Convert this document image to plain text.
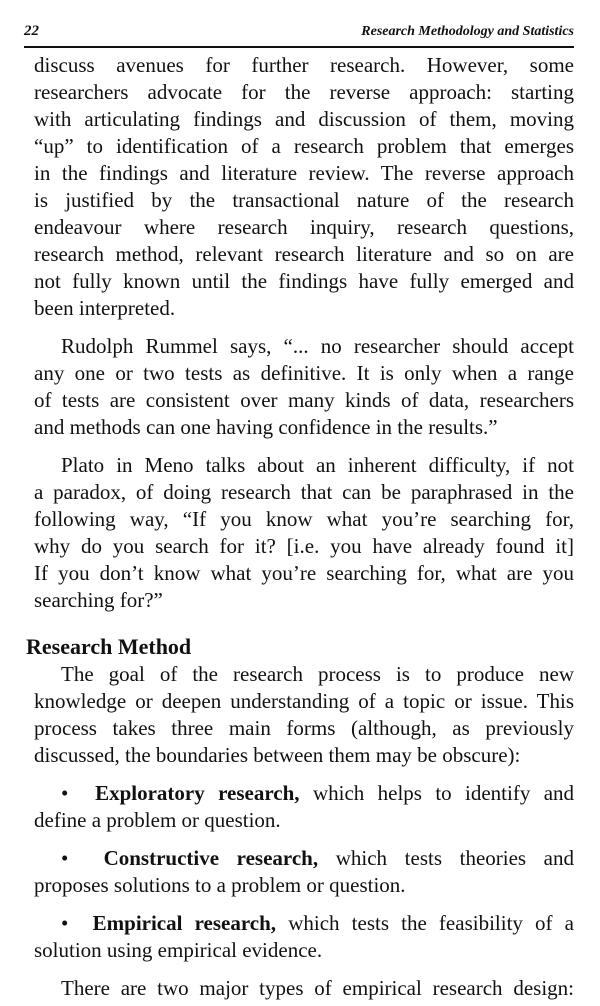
22	Research Methodology and Statistics
discuss avenues for further research. However, some
researchers advocate for the reverse approach: starting
with articulating findings and discussion of them, moving
“up” to identification of a research problem that emerges
in the findings and literature review. The reverse approach
is justified by the transactional nature of the research
endeavour where research inquiry, research questions,
research method, relevant research literature and so on are
not fully known until the findings have fully emerged and
been interpreted.
Rudolph Rummel says, “... no researcher should accept
any one or two tests as definitive. It is only when a range
of tests are consistent over many kinds of data, researchers
and methods can one having confidence in the results.”
Plato in Meno talks about an inherent difficulty, if not
a paradox, of doing research that can be paraphrased in the
following way, “If you know what you’re searching for,
why do you search for it? [i.e. you have already found it]
If you don’t know what you’re searching for, what are you
searching for?”
Research Method
The goal of the research process is to produce new
knowledge or deepen understanding of a topic or issue. This
process takes three main forms (although, as previously
discussed, the boundaries between them may be obscure):
• Exploratory research, which helps to identify and
define a problem or question.
• Constructive research, which tests theories and
proposes solutions to a problem or question.
• Empirical research, which tests the feasibility of a
solution using empirical evidence.
There are two major types of empirical research design:
